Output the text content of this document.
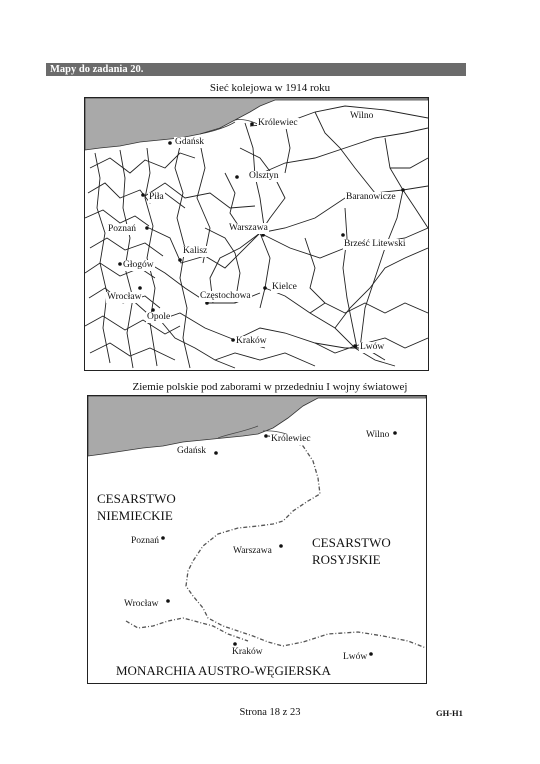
Mapy do zadania 20.
Sieć kolejowa w 1914 roku
Królewiec
Wilno
Gdańsk
Olsztyn
Piła	Baranowicze
Warszawa
Poznań
Kalisz
Brześć Litewski
Głogów
Kielce
Wrocław	Częstochowa
Opole
Kraków
Lwów
Ziemie polskie pod zaborami w przededniu I wojny światowej
Królewiec	Wilno
Gdańsk
Poznań
Warszawa
Wrocław
Kraków	Lwów
CESARSTWO
NIEMIECKIE
CESARSTWO
ROSYJSKIE
MONARCHIA AUSTRO-WĘGIERSKA
Strona 18 z 23	GH-H1
